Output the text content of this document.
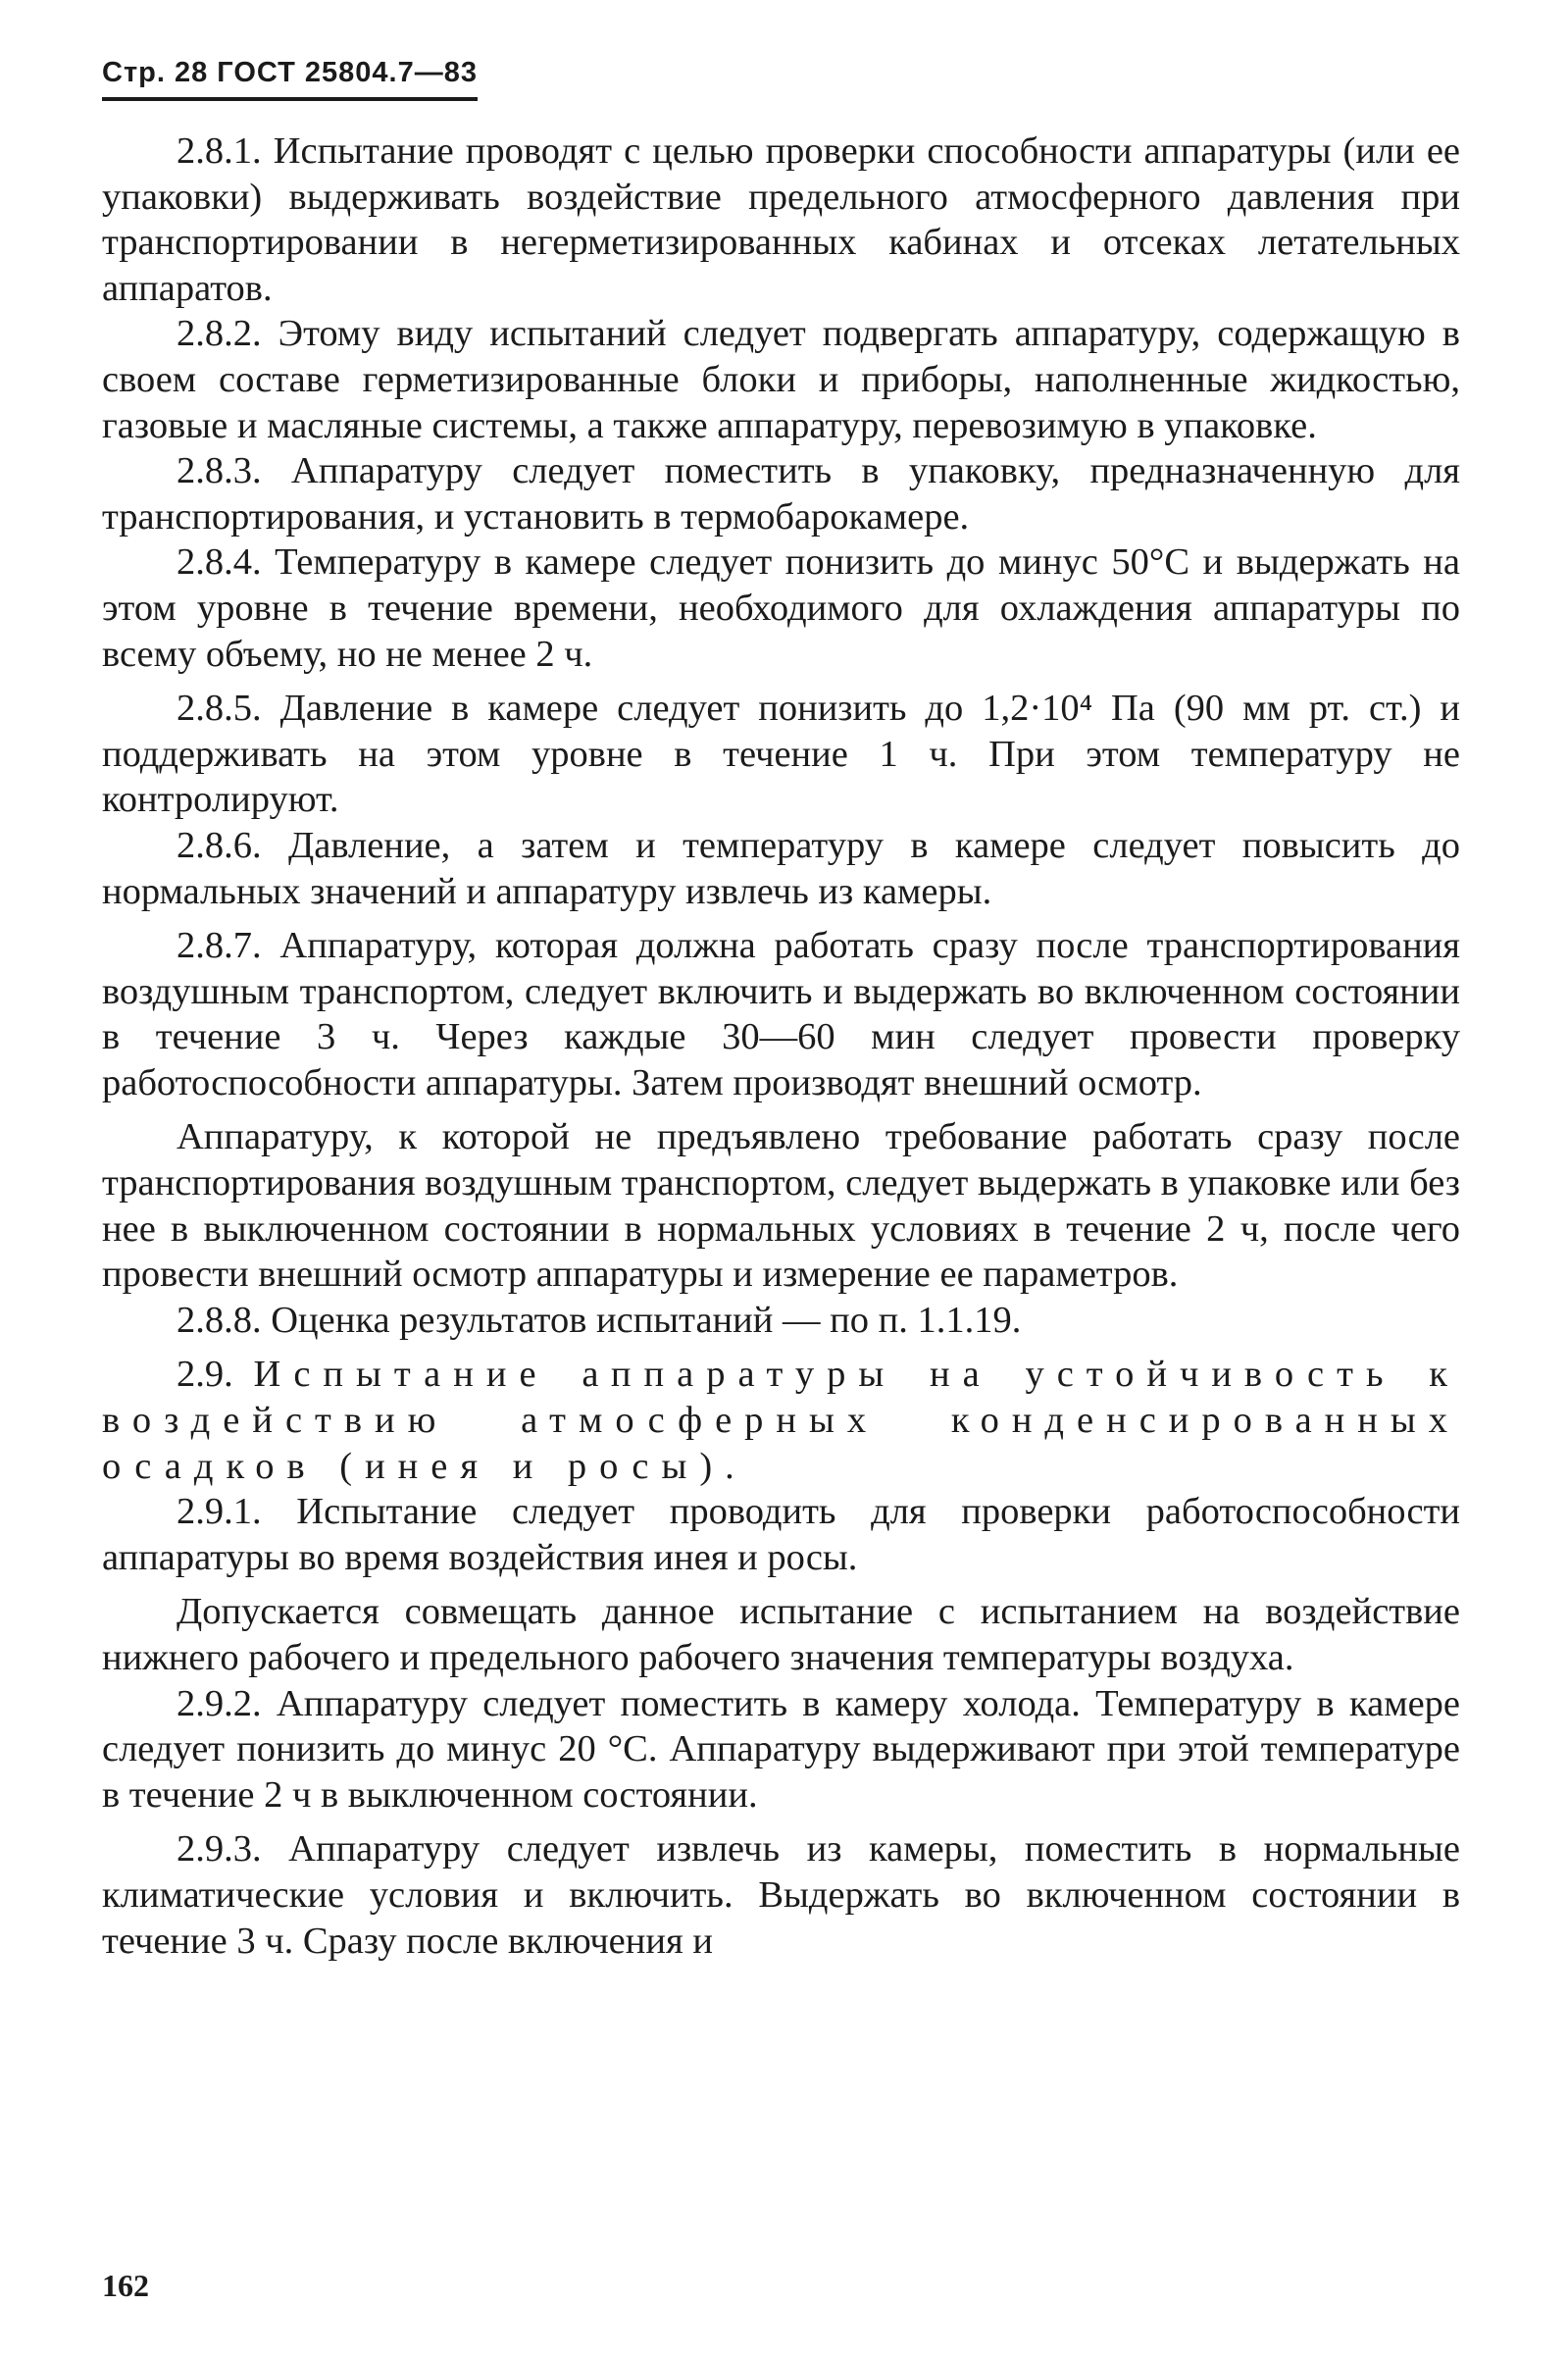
Стр. 28 ГОСТ 25804.7—83

2.8.1. Испытание проводят с целью проверки способности аппаратуры (или ее упаковки) выдерживать воздействие предельного атмосферного давления при транспортировании в негерметизированных кабинах и отсеках летательных аппаратов.

2.8.2. Этому виду испытаний следует подвергать аппаратуру, содержащую в своем составе герметизированные блоки и приборы, наполненные жидкостью, газовые и масляные системы, а также аппаратуру, перевозимую в упаковке.

2.8.3. Аппаратуру следует поместить в упаковку, предназначенную для транспортирования, и установить в термобарокамере.

2.8.4. Температуру в камере следует понизить до минус 50°С и выдержать на этом уровне в течение времени, необходимого для охлаждения аппаратуры по всему объему, но не менее 2 ч.

2.8.5. Давление в камере следует понизить до 1,2·10⁴ Па (90 мм рт. ст.) и поддерживать на этом уровне в течение 1 ч. При этом температуру не контролируют.

2.8.6. Давление, а затем и температуру в камере следует повысить до нормальных значений и аппаратуру извлечь из камеры.

2.8.7. Аппаратуру, которая должна работать сразу после транспортирования воздушным транспортом, следует включить и выдержать во включенном состоянии в течение 3 ч. Через каждые 30—60 мин следует провести проверку работоспособности аппаратуры. Затем производят внешний осмотр.

Аппаратуру, к которой не предъявлено требование работать сразу после транспортирования воздушным транспортом, следует выдержать в упаковке или без нее в выключенном состоянии в нормальных условиях в течение 2 ч, после чего провести внешний осмотр аппаратуры и измерение ее параметров.

2.8.8. Оценка результатов испытаний — по п. 1.1.19.

2.9. Испытание аппаратуры на устойчивость к воздействию атмосферных конденсированных осадков (инея и росы).

2.9.1. Испытание следует проводить для проверки работоспособности аппаратуры во время воздействия инея и росы.

Допускается совмещать данное испытание с испытанием на воздействие нижнего рабочего и предельного рабочего значения температуры воздуха.

2.9.2. Аппаратуру следует поместить в камеру холода. Температуру в камере следует понизить до минус 20 °С. Аппаратуру выдерживают при этой температуре в течение 2 ч в выключенном состоянии.

2.9.3. Аппаратуру следует извлечь из камеры, поместить в нормальные климатические условия и включить. Выдержать во включенном состоянии в течение 3 ч. Сразу после включения и

162
